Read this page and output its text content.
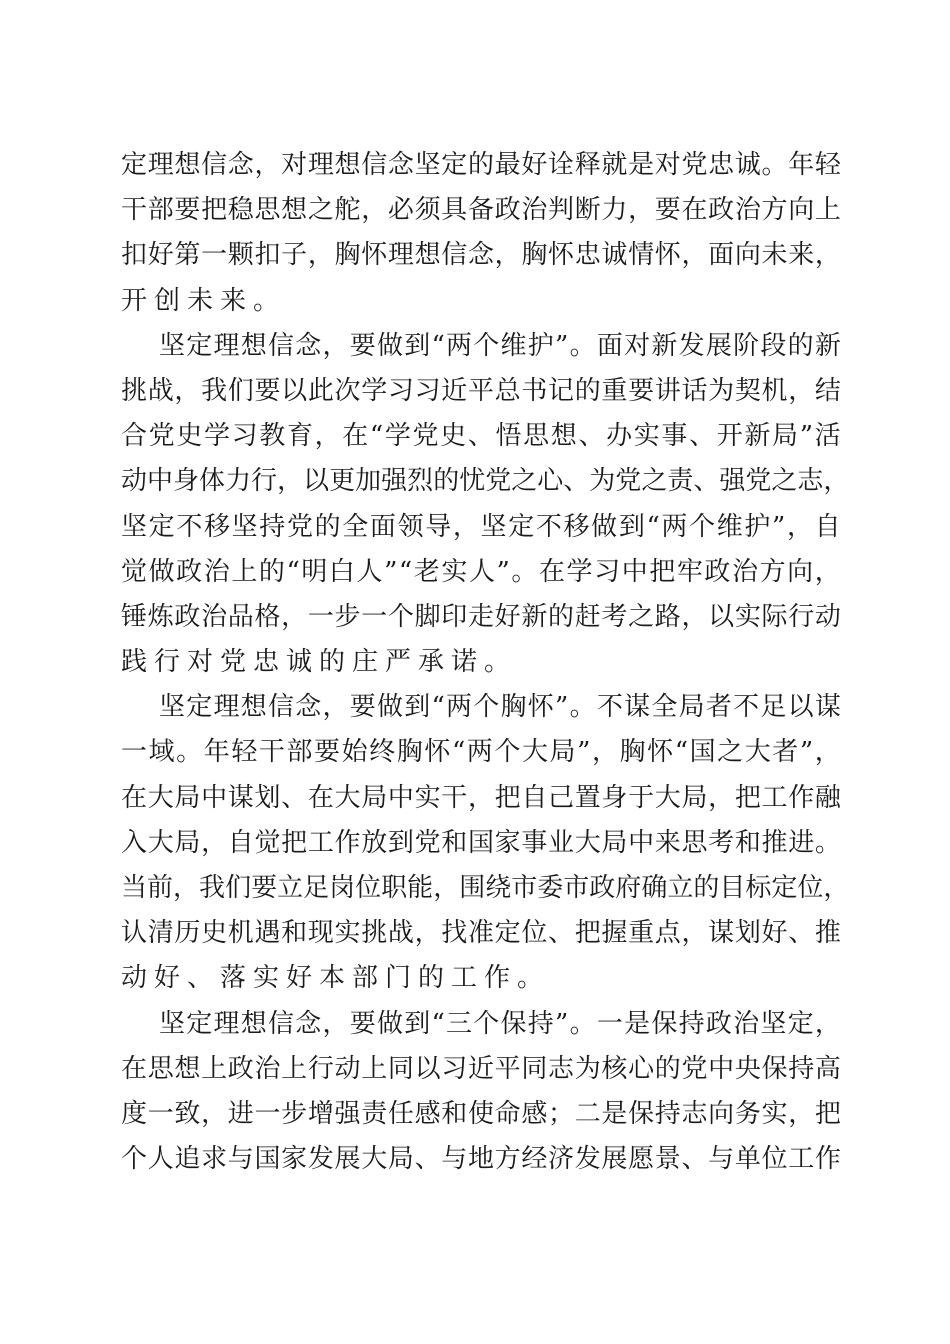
定 理 想 信 念 ， 对 理 想 信 念 坚 定 的 最 好 诠 释 就 是 对 党 忠 诚 。 年 轻
干 部 要 把 稳 思 想 之 舵 ， 必 须 具 备 政 治 判 断 力 ， 要 在 政 治 方 向 上
扣 好 第 一 颗 扣 子 ， 胸 怀 理 想 信 念 ， 胸 怀 忠 诚 情 怀 ， 面 向 未 来 ，
开创未来。
坚 定 理 想 信 念 ， 要 做 到 “ 两 个 维 护 ” 。 面 对 新 发 展 阶 段 的 新
挑 战 ， 我 们 要 以 此 次 学 习 习 近 平 总 书 记 的 重 要 讲 话 为 契 机 ， 结
合 党 史 学 习 教 育 ， 在 “ 学 党 史 、 悟 思 想 、 办 实 事 、 开 新 局 ” 活
动 中 身 体 力 行 ， 以 更 加 强 烈 的 忧 党 之 心 、 为 党 之 责 、 强 党 之 志 ，
坚 定 不 移 坚 持 党 的 全 面 领 导 ， 坚 定 不 移 做 到 “ 两 个 维 护 ” ， 自
觉 做 政 治 上 的 “ 明 白 人 ” “ 老 实 人 ” 。 在 学 习 中 把 牢 政 治 方 向 ，
锤 炼 政 治 品 格 ， 一 步 一 个 脚 印 走 好 新 的 赶 考 之 路 ， 以 实 际 行 动
践行对党忠诚的庄严承诺。
坚 定 理 想 信 念 ， 要 做 到 “ 两 个 胸 怀 ” 。 不 谋 全 局 者 不 足 以 谋
一 域 。 年 轻 干 部 要 始 终 胸 怀 “ 两 个 大 局 ” ， 胸 怀 “ 国 之 大 者 ” ，
在 大 局 中 谋 划 、 在 大 局 中 实 干 ， 把 自 己 置 身 于 大 局 ， 把 工 作 融
入 大 局 ， 自 觉 把 工 作 放 到 党 和 国 家 事 业 大 局 中 来 思 考 和 推 进 。
当 前 ， 我 们 要 立 足 岗 位 职 能 ， 围 绕 市 委 市 政 府 确 立 的 目 标 定 位 ，
认 清 历 史 机 遇 和 现 实 挑 战 ， 找 准 定 位 、 把 握 重 点 ， 谋 划 好 、 推
动好、落实好本部门的工作。
坚 定 理 想 信 念 ， 要 做 到 “ 三 个 保 持 ” 。 一 是 保 持 政 治 坚 定 ，
在 思 想 上 政 治 上 行 动 上 同 以 习 近 平 同 志 为 核 心 的 党 中 央 保 持 高
度 一 致 ， 进 一 步 增 强 责 任 感 和 使 命 感 ； 二 是 保 持 志 向 务 实 ， 把
个 人 追 求 与 国 家 发 展 大 局 、 与 地 方 经 济 发 展 愿 景 、 与 单 位 工 作
